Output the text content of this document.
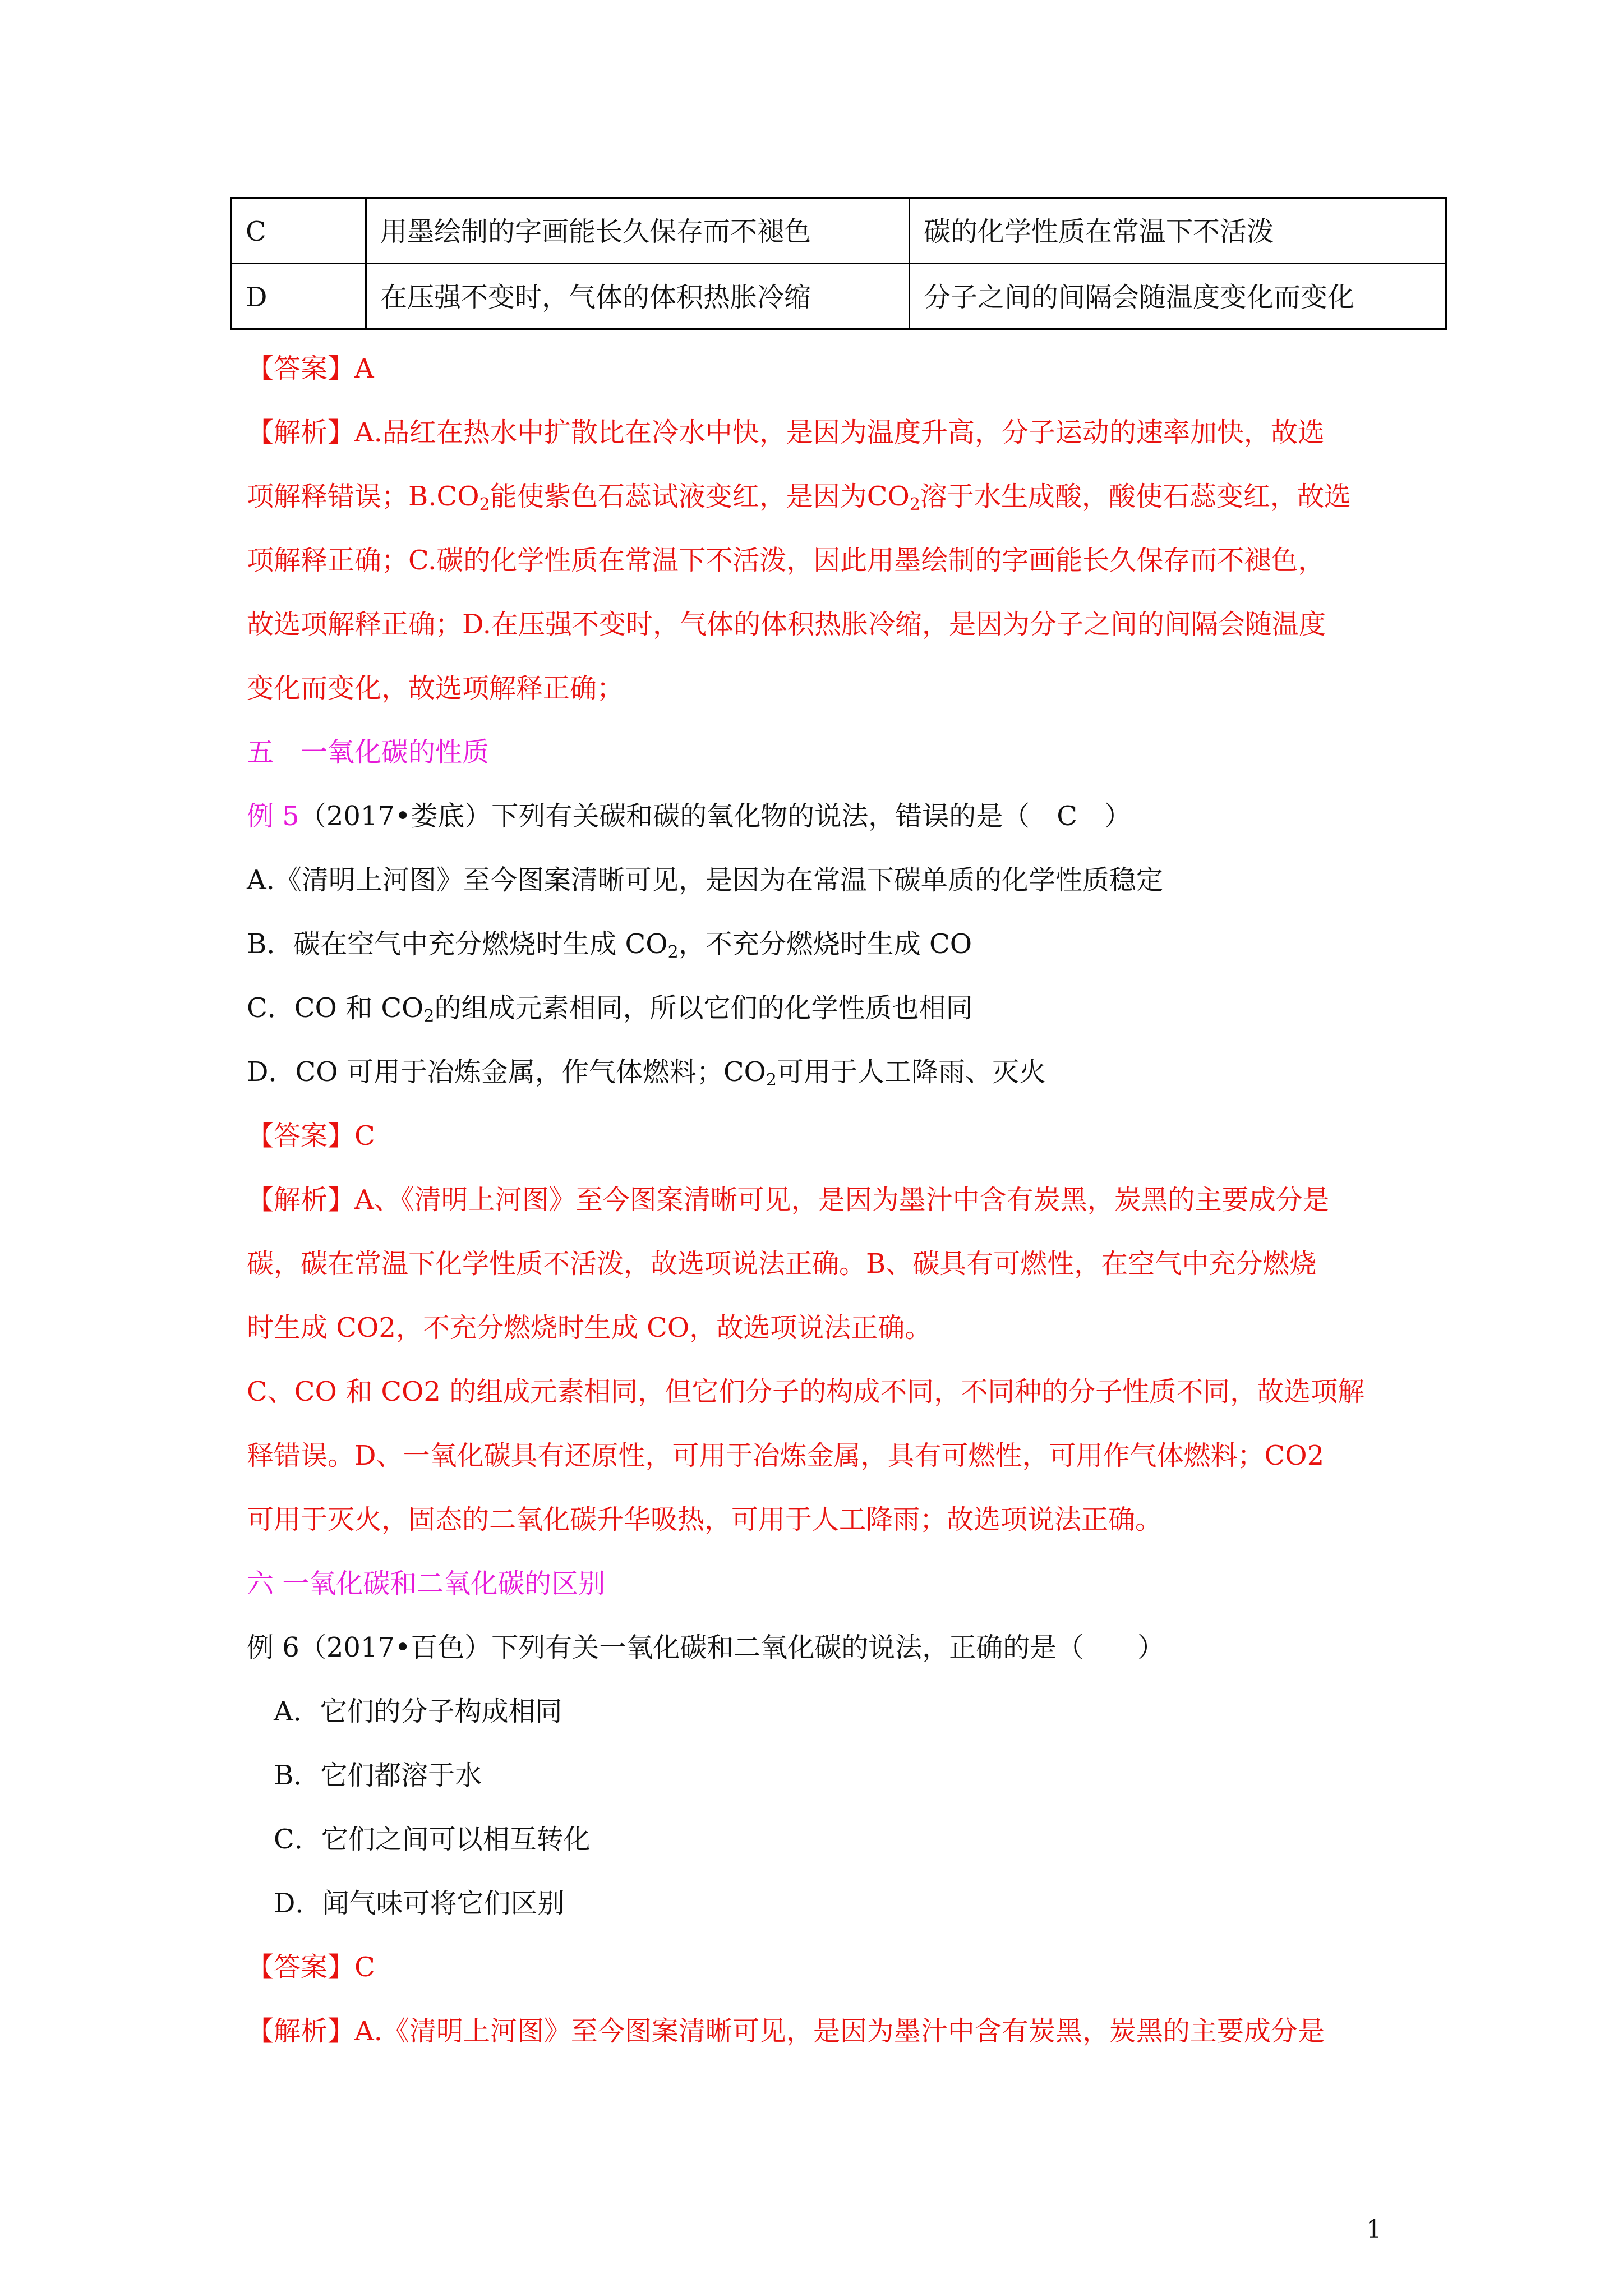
C	用墨绘制的字画能长久保存而不褪色	碳的化学性质在常温下不活泼
D	在压强不变时，气体的体积热胀冷缩	分子之间的间隔会随温度变化而变化
【答案】A
【解析】A.品红在热水中扩散比在冷水中快，是因为温度升高，分子运动的速率加快，故选
项解释错误；$B.CO_2$能使紫色石蕊试液变红，是因为$CO_2$溶于水生成酸，酸使石蕊变红，故选
项解释正确；C.碳的化学性质在常温下不活泼，因此用墨绘制的字画能长久保存而不褪色，
故选项解释正确；D.在压强不变时，气体的体积热胀冷缩，是因为分子之间的间隔会随温度
变化而变化，故选项解释正确；
五　一氧化碳的性质
例 5（2017•娄底）下列有关碳和碳的氧化物的说法，错误的是（　C　）
A.《清明上河图》至今图案清晰可见，是因为在常温下碳单质的化学性质稳定
B．碳在空气中充分燃烧时生成 $CO_2$，不充分燃烧时生成 CO
C．CO 和 $CO_2$的组成元素相同，所以它们的化学性质也相同
D．CO 可用于冶炼金属，作气体燃料；$CO_2$可用于人工降雨、灭火
【答案】C
【解析】A、《清明上河图》至今图案清晰可见，是因为墨汁中含有炭黑，炭黑的主要成分是
碳，碳在常温下化学性质不活泼，故选项说法正确。B、碳具有可燃性，在空气中充分燃烧
时生成 CO2，不充分燃烧时生成 CO，故选项说法正确。
C、CO 和 CO2 的组成元素相同，但它们分子的构成不同，不同种的分子性质不同，故选项解
释错误。D、一氧化碳具有还原性，可用于冶炼金属，具有可燃性，可用作气体燃料；CO2
可用于灭火，固态的二氧化碳升华吸热，可用于人工降雨；故选项说法正确。
六 一氧化碳和二氧化碳的区别
例 6（2017•百色）下列有关一氧化碳和二氧化碳的说法，正确的是（　　）
A．它们的分子构成相同
B．它们都溶于水
C．它们之间可以相互转化
D．闻气味可将它们区别
【答案】C
【解析】A.《清明上河图》至今图案清晰可见，是因为墨汁中含有炭黑，炭黑的主要成分是
1
